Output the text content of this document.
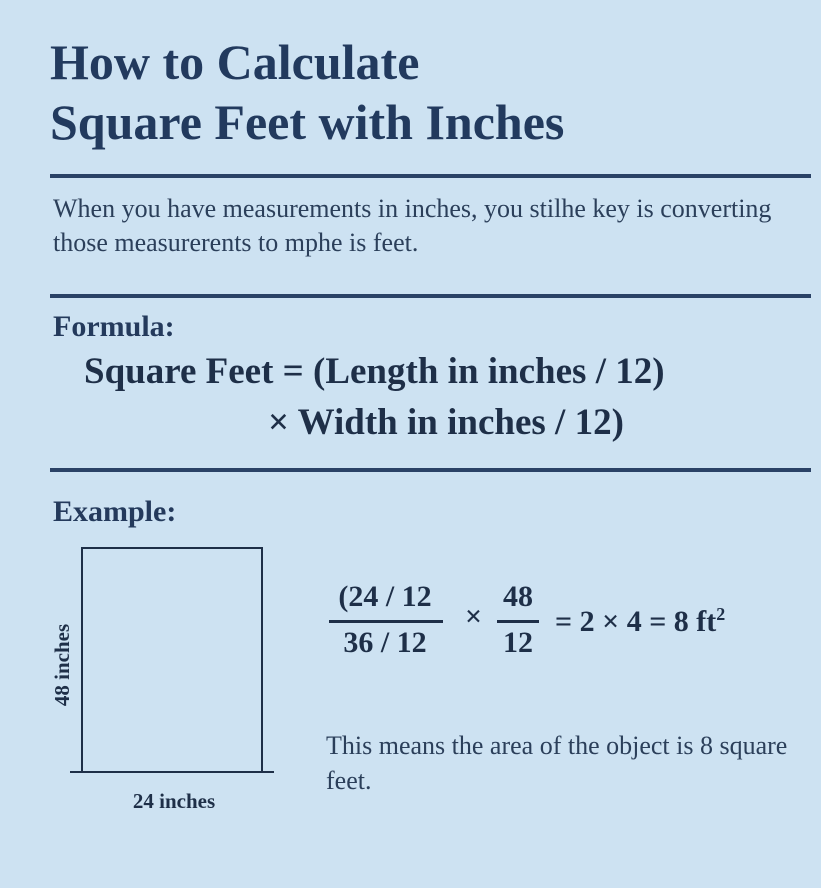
How to Calculate
Square Feet with Inches

When you have measurements in inches, you stilhe key is converting those measurerents to mphe is feet.

Formula:
Square Feet = (Length in inches / 12)
× Width in inches / 12)
Example:
48 inches
24 inches
(24 / 12
36 / 12
×
48
12
= 2 × 4 = 8 $ft^2$

This means the area of the object is 8 square feet.
